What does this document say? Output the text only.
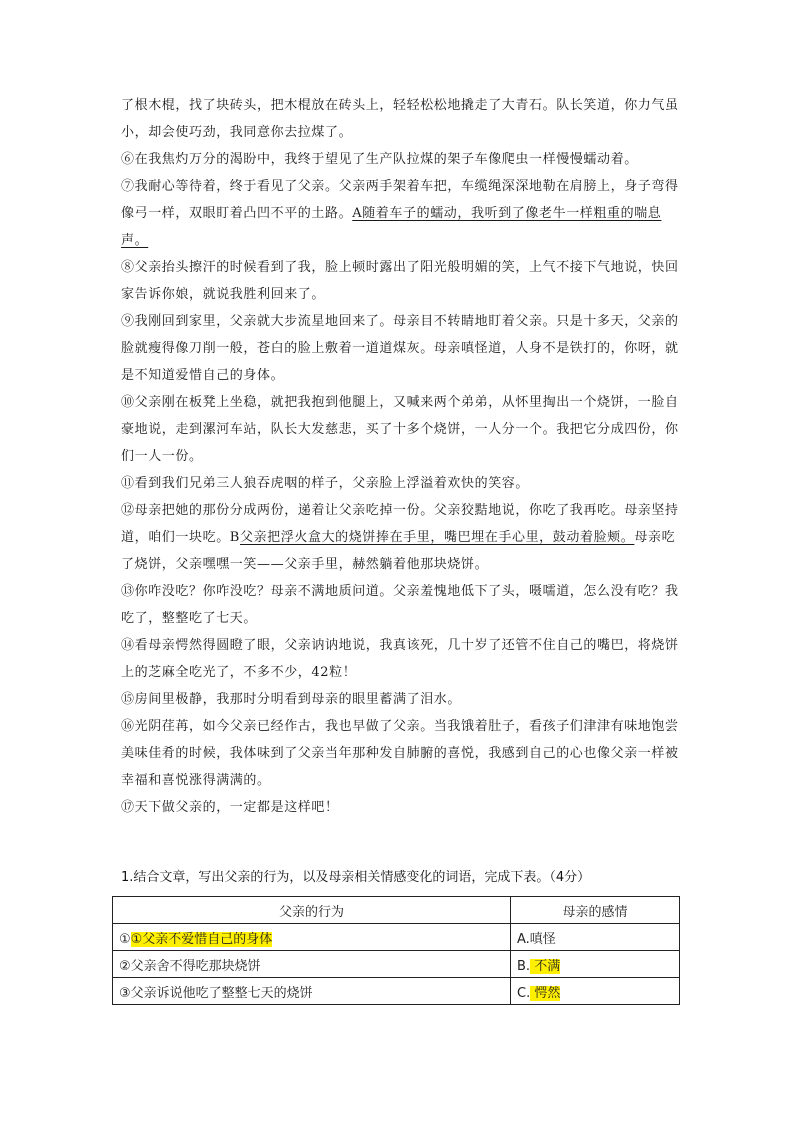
了根木棍，找了块砖头，把木棍放在砖头上，轻轻松松地撬走了大青石。队长笑道，你力气虽小，却会使巧劲，我同意你去拉煤了。

⑥在我焦灼万分的渴盼中，我终于望见了生产队拉煤的架子车像爬虫一样慢慢蠕动着。

⑦我耐心等待着，终于看见了父亲。父亲两手架着车把，车缆绳深深地勒在肩膀上，身子弯得像弓一样，双眼盯着凸凹不平的土路。A随着车子的蠕动，我听到了像老牛一样粗重的喘息声。

⑧父亲抬头擦汗的时候看到了我，脸上顿时露出了阳光般明媚的笑，上气不接下气地说，快回家告诉你娘，就说我胜利回来了。

⑨我刚回到家里，父亲就大步流星地回来了。母亲目不转睛地盯着父亲。只是十多天，父亲的脸就瘦得像刀削一般，苍白的脸上敷着一道道煤灰。母亲嗔怪道，人身不是铁打的，你呀，就是不知道爱惜自己的身体。

⑩父亲刚在板凳上坐稳，就把我抱到他腿上，又喊来两个弟弟，从怀里掏出一个烧饼，一脸自豪地说，走到漯河车站，队长大发慈悲，买了十多个烧饼，一人分一个。我把它分成四份，你们一人一份。

⑪看到我们兄弟三人狼吞虎咽的样子，父亲脸上浮溢着欢快的笑容。

⑫母亲把她的那份分成两份，递着让父亲吃掉一份。父亲狡黠地说，你吃了我再吃。母亲坚持道，咱们一块吃。B父亲把浮火盒大的烧饼捧在手里，嘴巴埋在手心里，鼓动着脸颊。母亲吃了烧饼，父亲嘿嘿一笑——父亲手里，赫然躺着他那块烧饼。

⑬你咋没吃？你咋没吃？母亲不满地质问道。父亲羞愧地低下了头，嗫嚅道，怎么没有吃？我吃了，整整吃了七天。

⑭看母亲愕然得圆瞪了眼，父亲讷讷地说，我真该死，几十岁了还管不住自己的嘴巴，将烧饼上的芝麻全吃光了，不多不少，42粒！

⑮房间里极静，我那时分明看到母亲的眼里蓄满了泪水。

⑯光阴荏苒，如今父亲已经作古，我也早做了父亲。当我饿着肚子，看孩子们津津有味地饱尝美味佳肴的时候，我体味到了父亲当年那种发自肺腑的喜悦，我感到自己的心也像父亲一样被幸福和喜悦涨得满满的。

⑰天下做父亲的，一定都是这样吧！

1.结合文章，写出父亲的行为，以及母亲相关情感变化的词语，完成下表。（4分）

父亲的行为	母亲的感情
①①父亲不爱惜自己的身体	A.嗔怪
②父亲舍不得吃那块烧饼	B. 不满
③父亲诉说他吃了整整七天的烧饼	C. 愕然
